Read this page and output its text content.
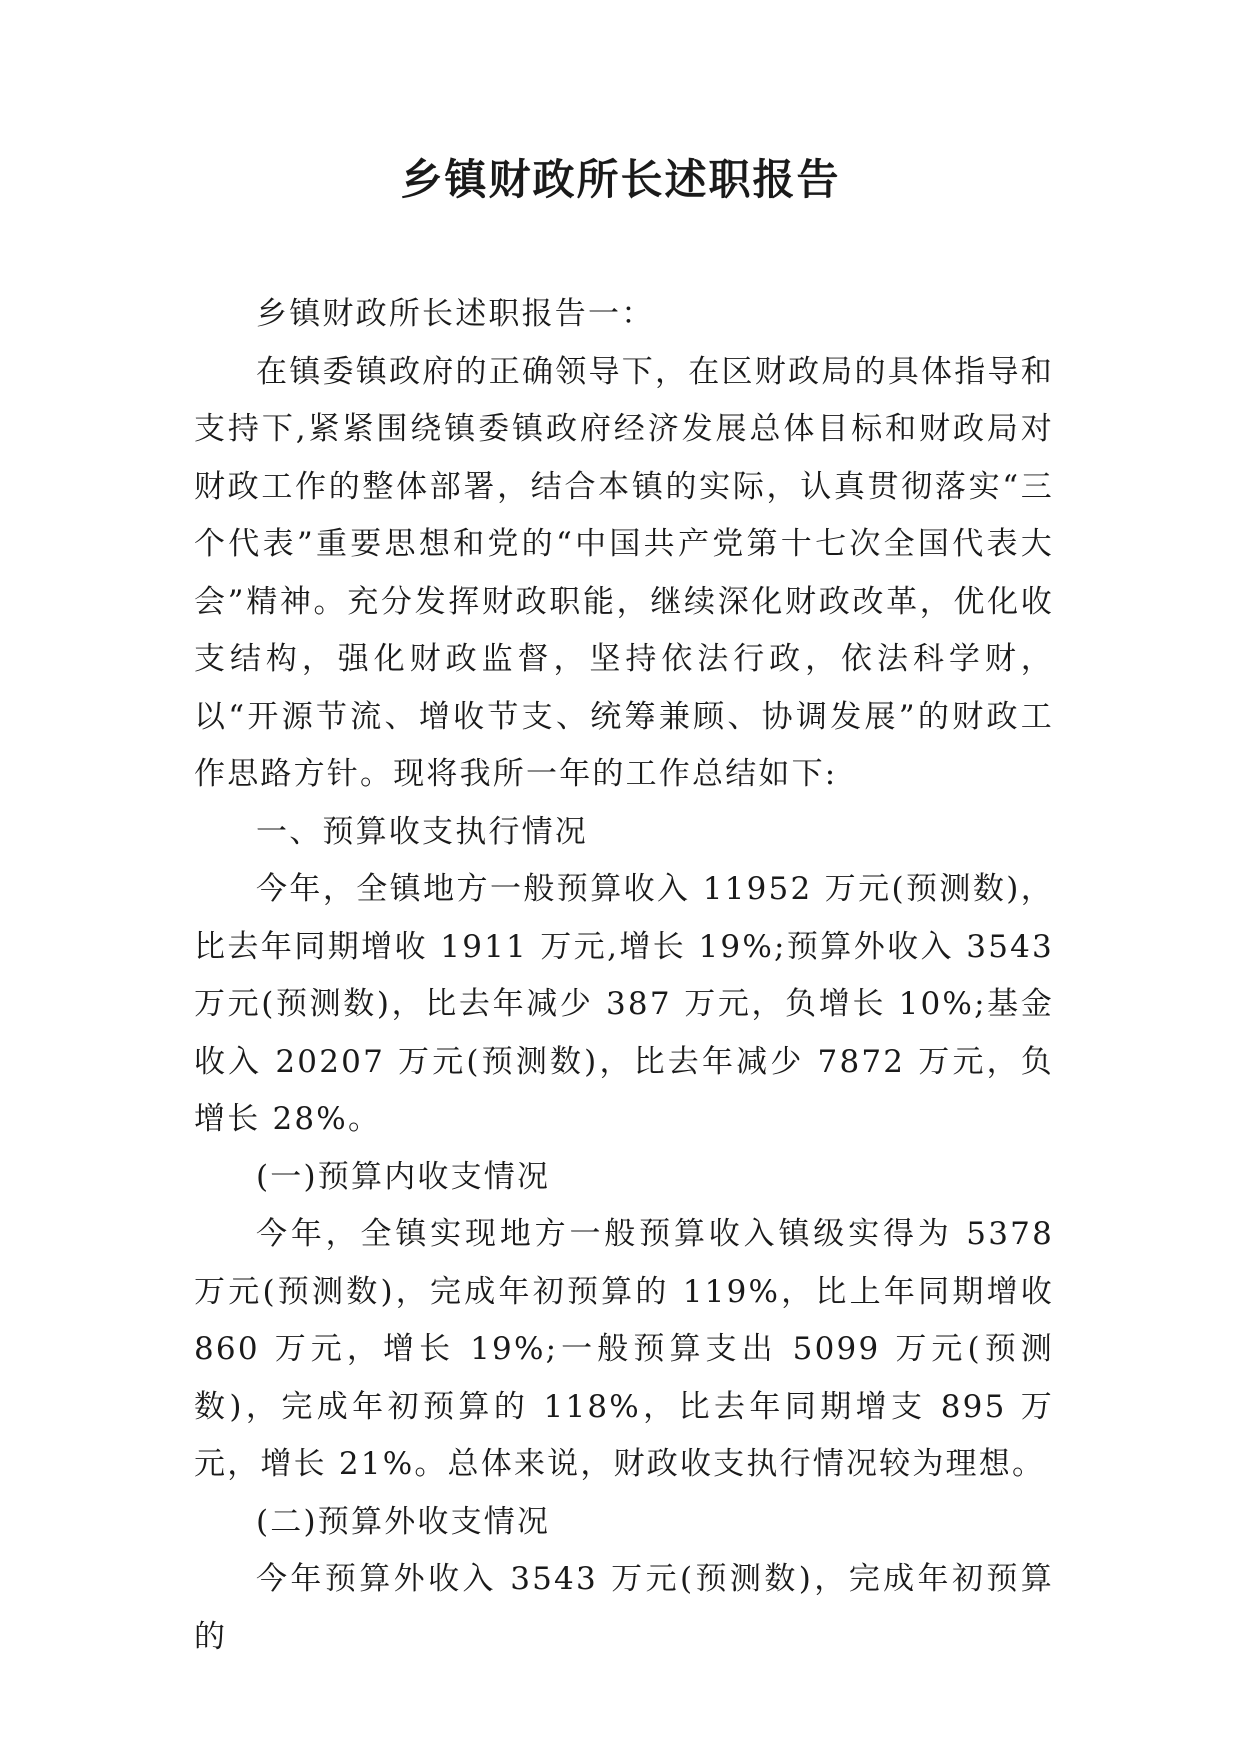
乡镇财政所长述职报告

乡镇财政所长述职报告一：

在镇委镇政府的正确领导下，在区财政局的具体指导和支持下,紧紧围绕镇委镇政府经济发展总体目标和财政局对财政工作的整体部署，结合本镇的实际，认真贯彻落实“三个代表”重要思想和党的“中国共产党第十七次全国代表大会”精神。充分发挥财政职能，继续深化财政改革，优化收支结构，强化财政监督，坚持依法行政，依法科学财，以“开源节流、增收节支、统筹兼顾、协调发展”的财政工作思路方针。现将我所一年的工作总结如下:

一、预算收支执行情况

今年，全镇地方一般预算收入 11952 万元(预测数)，比去年同期增收 1911 万元,增长 19%;预算外收入 3543 万元(预测数)，比去年减少 387 万元，负增长 10%;基金收入 20207 万元(预测数)，比去年减少 7872 万元，负增长 28%。

(一)预算内收支情况

今年，全镇实现地方一般预算收入镇级实得为 5378 万元(预测数)，完成年初预算的 119%，比上年同期增收 860 万元，增长 19%;一般预算支出 5099 万元(预测数)，完成年初预算的 118%，比去年同期增支 895 万元，增长 21%。总体来说，财政收支执行情况较为理想。

(二)预算外收支情况

今年预算外收入 3543 万元(预测数)，完成年初预算的
